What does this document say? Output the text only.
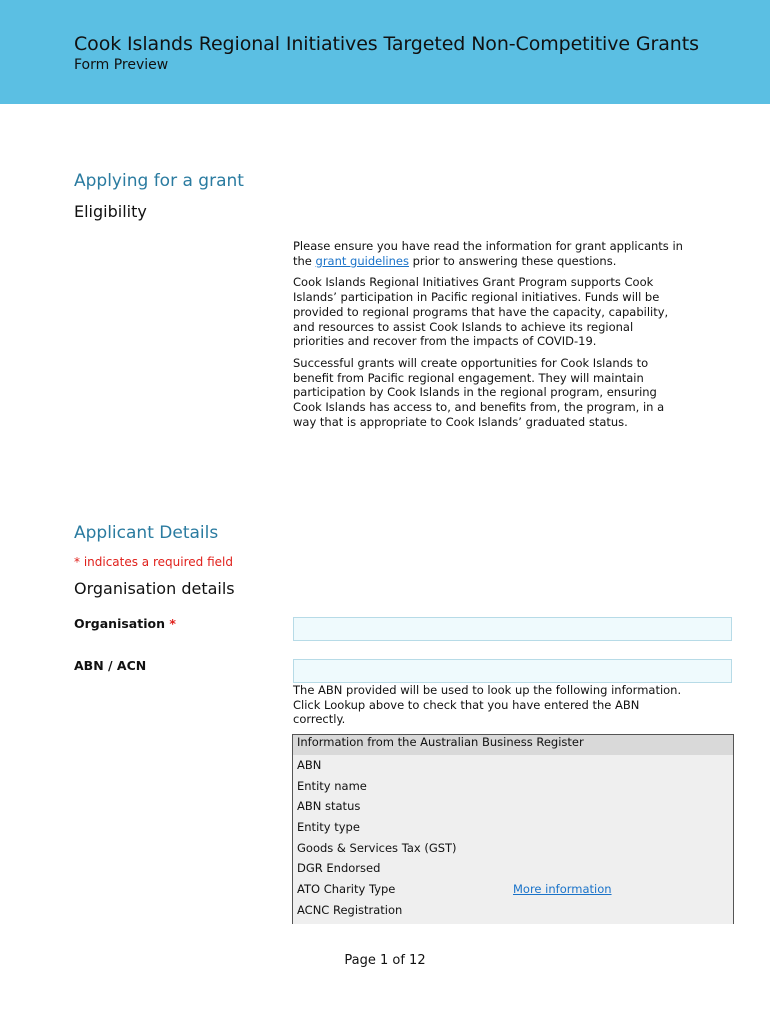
Cook Islands Regional Initiatives Targeted Non-Competitive Grants
Form Preview
Applying for a grant
Eligibility

Please ensure you have read the information for grant applicants in the grant guidelines prior to answering these questions.

Cook Islands Regional Initiatives Grant Program supports Cook Islands’ participation in Pacific regional initiatives. Funds will be provided to regional programs that have the capacity, capability, and resources to assist Cook Islands to achieve its regional priorities and recover from the impacts of COVID-19.

Successful grants will create opportunities for Cook Islands to benefit from Pacific regional engagement. They will maintain participation by Cook Islands in the regional program, ensuring Cook Islands has access to, and benefits from, the program, in a way that is appropriate to Cook Islands’ graduated status.

Applicant Details
* indicates a required field
Organisation details
Organisation *
ABN / ACN
The ABN provided will be used to look up the following information. Click Lookup above to check that you have entered the ABN correctly.
Information from the Australian Business Register
ABN
Entity name
ABN status
Entity type
Goods & Services Tax (GST)
DGR Endorsed
ATO Charity Type	More information
ACNC Registration
Page 1 of 12
